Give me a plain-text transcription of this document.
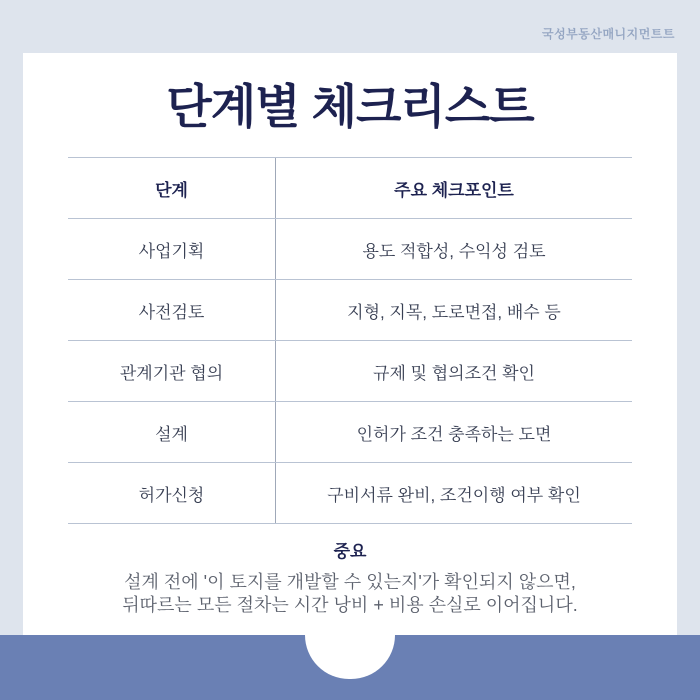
국성부동산매니지먼트트
단계별 체크리스트
단계	주요 체크포인트
사업기획	용도 적합성, 수익성 검토
사전검토	지형, 지목, 도로면접, 배수 등
관계기관 협의	규제 및 협의조건 확인
설계	인허가 조건 충족하는 도면
허가신청	구비서류 완비, 조건이행 여부 확인
중요
설계 전에 '이 토지를 개발할 수 있는지'가 확인되지 않으면,
뒤따르는 모든 절차는 시간 낭비 + 비용 손실로 이어집니다.
